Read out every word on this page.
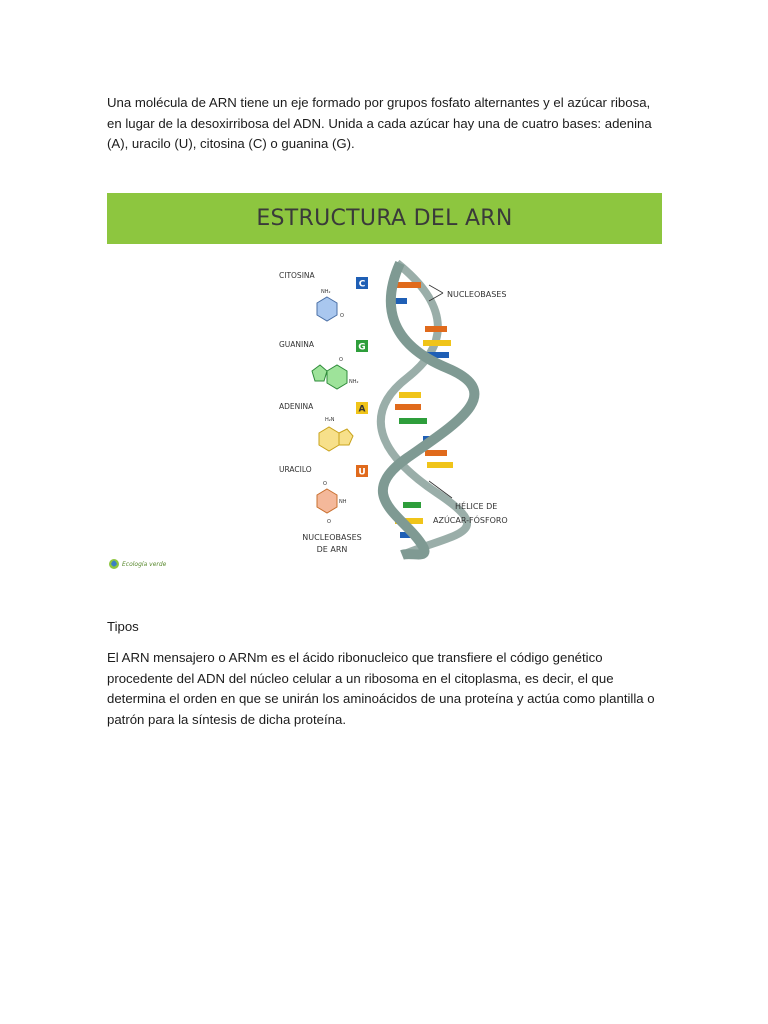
Una molécula de ARN tiene un eje formado por grupos fosfato alternantes y el azúcar ribosa, en lugar de la desoxirribosa del ADN. Unida a cada azúcar hay una de cuatro bases: adenina (A), uracilo (U), citosina (C) o guanina (G).

ESTRUCTURA DEL ARN
CITOSINA
GUANINA
ADENINA
URACILO
C
G
A
U
NH₂
O
O
NH₂
H₂N
O
NH
O
NUCLEOBASES
DE ARN
NUCLEOBASES
HÉLICE DE
AZÚCAR-FÓSFORO
Ecología verde

Tipos

El ARN mensajero o ARNm es el ácido ribonucleico que transfiere el código genético procedente del ADN del núcleo celular a un ribosoma en el citoplasma, es decir, el que determina el orden en que se unirán los aminoácidos de una proteína y actúa como plantilla o patrón para la síntesis de dicha proteína.
